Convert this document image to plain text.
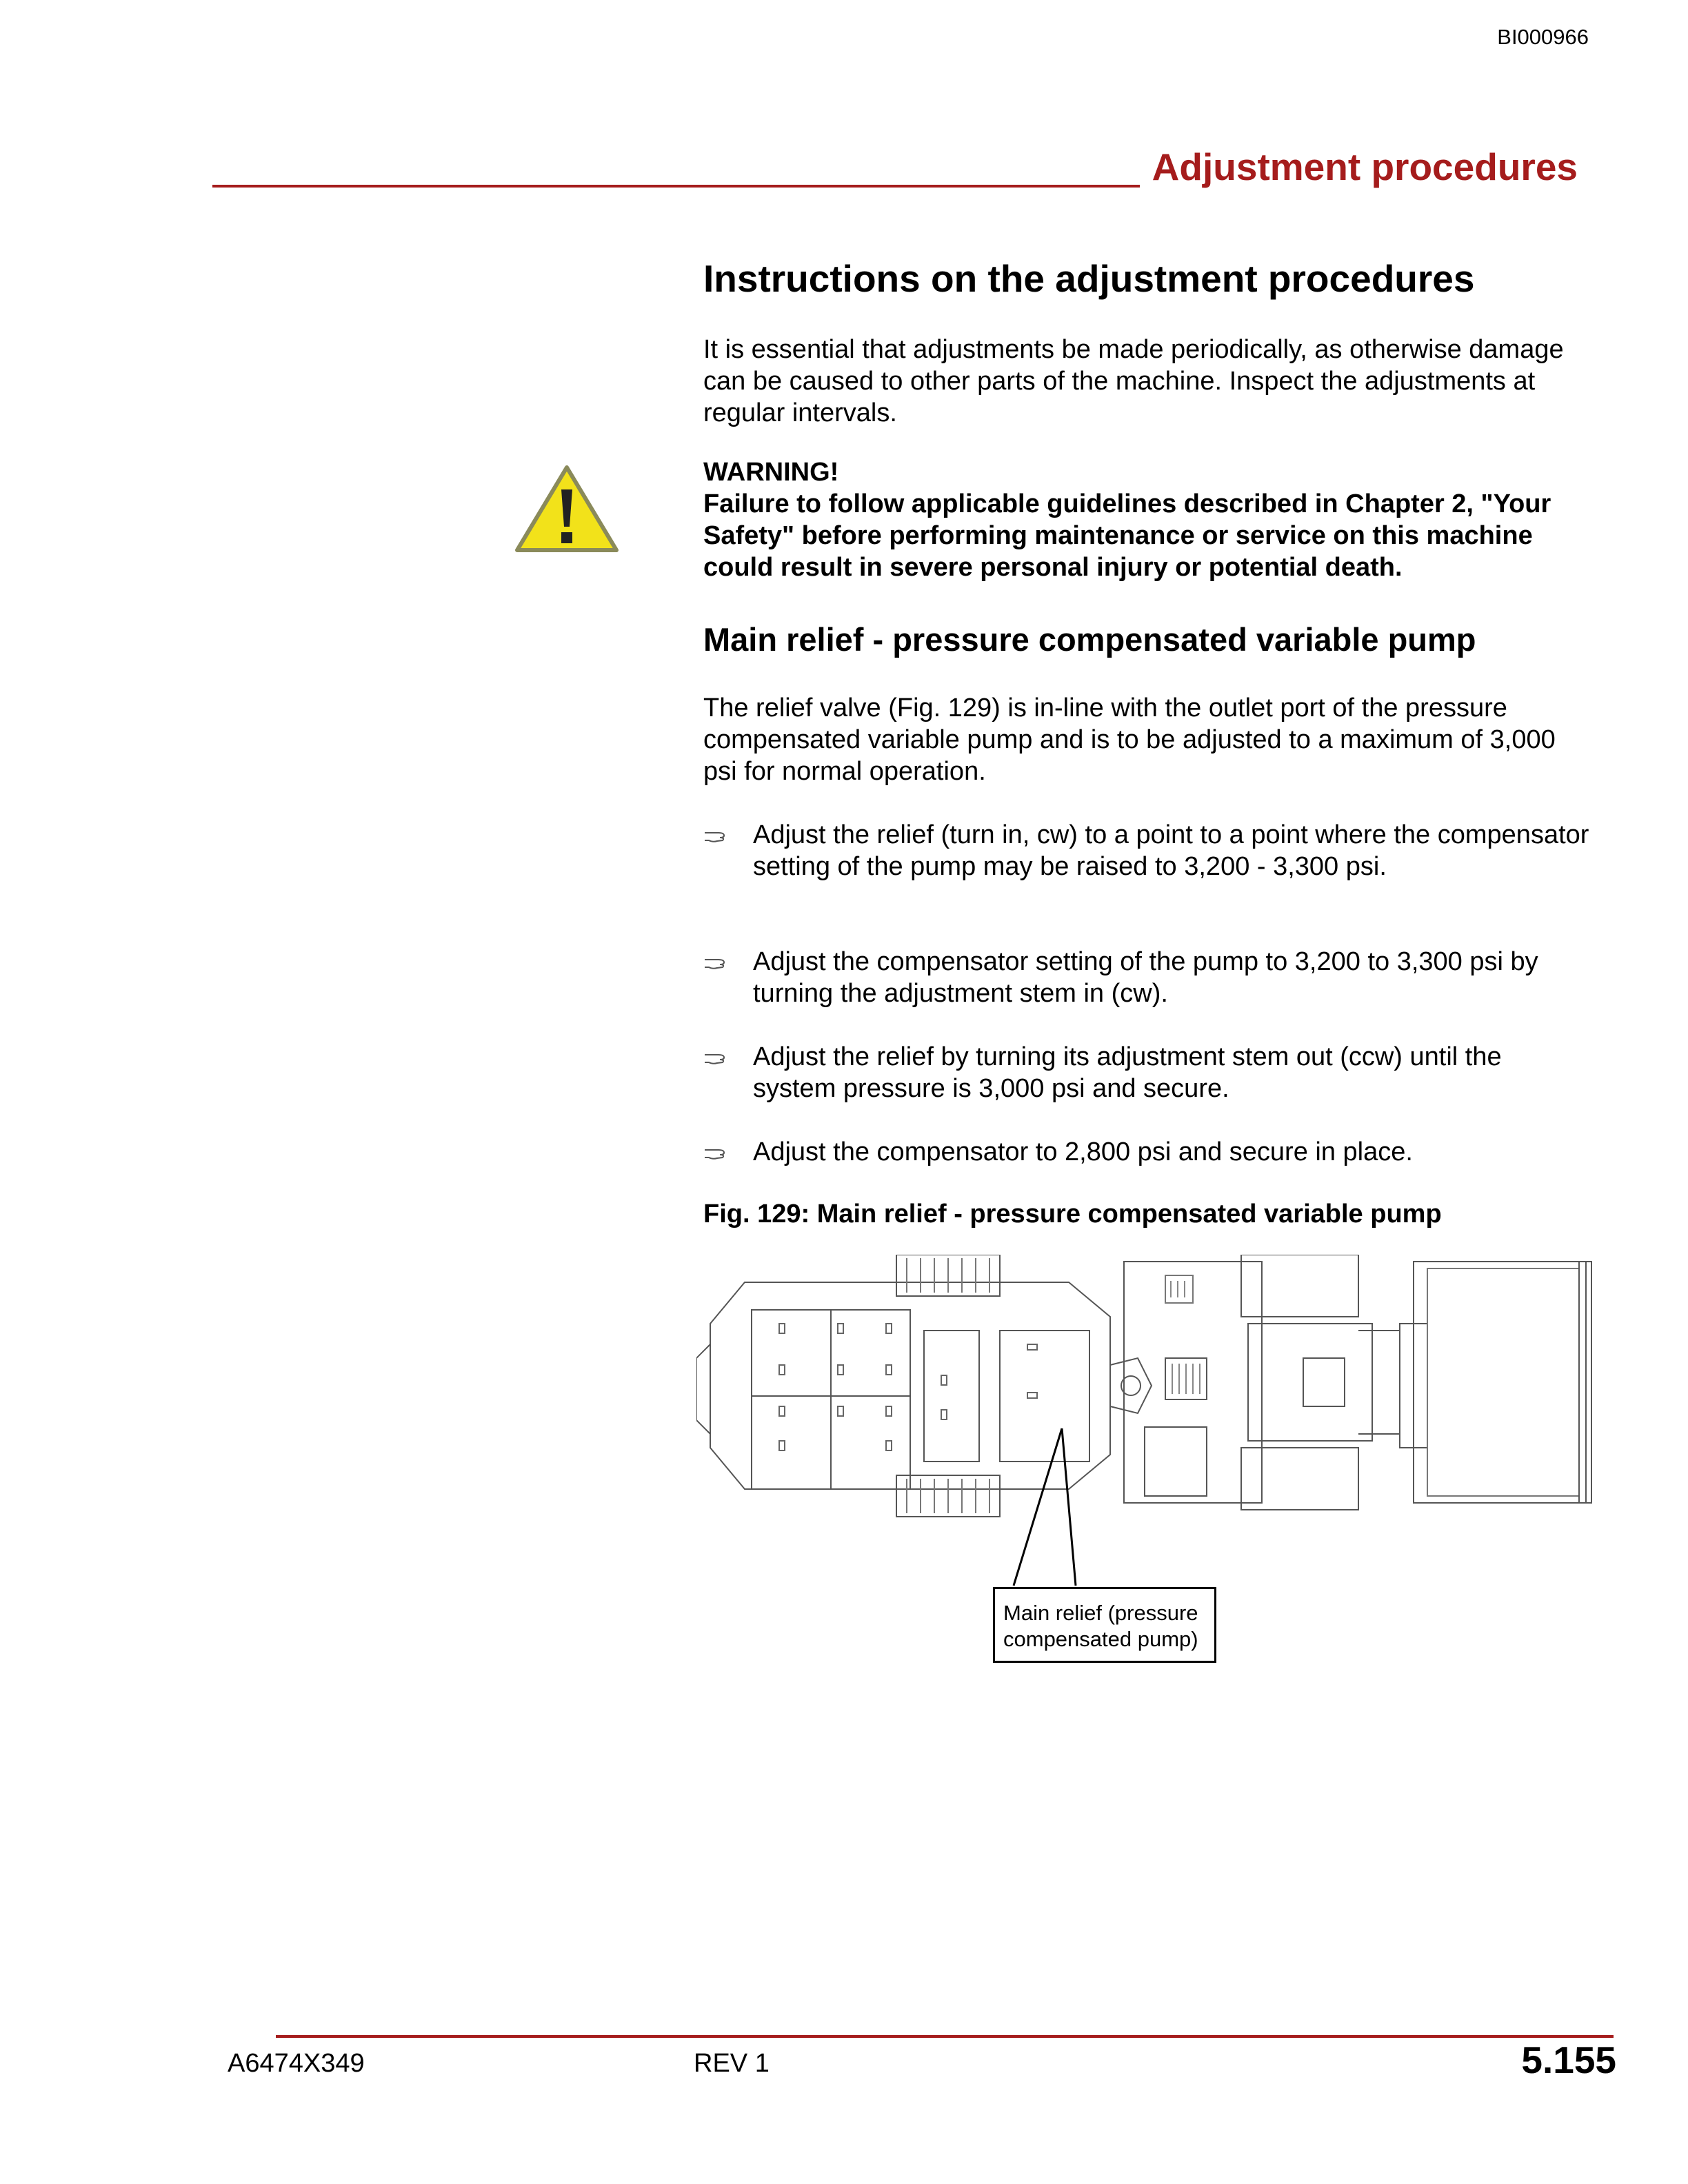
BI000966
Adjustment procedures
Instructions on the adjustment procedures
It is essential that adjustments be made periodically, as otherwise damage can be caused to other parts of the machine. Inspect the adjustments at regular intervals.
WARNING!
Failure to follow applicable guidelines described in Chapter 2, "Your Safety" before performing maintenance or service on this machine could result in severe personal injury or potential death.
Main relief - pressure compensated variable pump
The relief valve (Fig. 129) is in-line with the outlet port of the pressure compensated variable pump and is to be adjusted to a maximum of 3,000 psi for normal operation.
Adjust the relief (turn in, cw) to a point to a point where the compensator setting of the pump may be raised to 3,200 - 3,300 psi.
Adjust the compensator setting of the pump to 3,200 to 3,300 psi by turning the adjustment stem in (cw).
Adjust the relief by turning its adjustment stem out (ccw) until the system pressure is 3,000 psi and secure.
Adjust the compensator to 2,800 psi and secure in place.
Fig. 129: Main relief - pressure compensated variable pump
Main relief (pressure compensated pump)
A6474X349	REV 1	5.155
